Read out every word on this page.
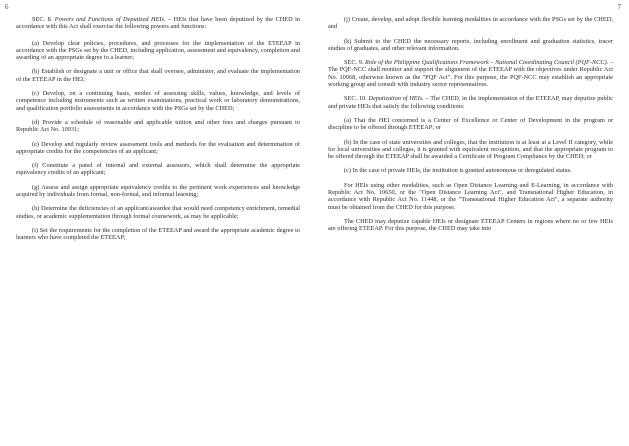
6	7

SEC. 8. Powers and Functions of Deputized HEIs. – HEIs that have been deputized by the CHED in accordance with this Act shall exercise the following powers and functions:

(a) Develop clear policies, procedures, and processes for the implementation of the ETEEAP in accordance with the PSGs set by the CHED, including application, assessment and equivalency, completion and awarding of an appropriate degree to a learner;

(b) Establish or designate a unit or office that shall oversee, administer, and evaluate the implementation of the ETEEAP in the HEI;

(c) Develop, on a continuing basis, modes of assessing skills, values, knowledge, and levels of competence including instruments such as written examinations, practical work or laboratory demonstrations, and qualification portfolio assessments in accordance with the PSGs set by the CHED;

(d) Provide a schedule of reasonable and applicable tuition and other fees and charges pursuant to Republic Act No. 10931;

(e) Develop and regularly review assessment tools and methods for the evaluation and determination of appropriate credits for the competencies of an applicant;

(f) Constitute a panel of internal and external assessors, which shall determine the appropriate equivalency credits of an applicant;

(g) Assess and assign appropriate equivalency credits to the pertinent work experiences and knowledge acquired by individuals from formal, non-formal, and informal learning;

(h) Determine the deficiencies of an applicant/awardee that would need competency enrichment, remedial studies, or academic supplementation through formal coursework, as may be applicable;

(i) Set the requirements for the completion of the ETEEAP and award the appropriate academic degree to learners who have completed the ETEEAP;

(j) Create, develop, and adopt flexible learning modalities in accordance with the PSGs set by the CHED; and

(k) Submit to the CHED the necessary reports, including enrollment and graduation statistics, tracer studies of graduates, and other relevant information.

SEC. 9. Role of the Philippine Qualifications Framework – National Coordinating Council (PQF-NCC). – The PQF-NCC shall monitor and support the alignment of the ETEEAP with the objectives under Republic Act No. 10968, otherwise known as the "PQF Act". For this purpose, the PQF-NCC may establish an appropriate working group and consult with industry sector representatives.

SEC. 10. Deputization of HEIs. – The CHED, in the implementation of the ETEEAP, may deputize public and private HEIs that satisfy the following conditions:

(a) That the HEI concerned is a Center of Excellence or Center of Development in the program or discipline to be offered through ETEEAP; or

(b) In the case of state universities and colleges, that the institution is at least at a Level II category, while for local universities and colleges, it is granted with equivalent recognition, and that the appropriate program to be offered through the ETEEAP shall be awarded a Certificate of Program Compliance by the CHED; or

(c) In the case of private HEIs, the institution is granted autonomous or deregulated status.

For HEIs using other modalities, such as Open Distance Learning and E-Learning, in accordance with Republic Act No. 10650, or the "Open Distance Learning Act", and Transnational Higher Education, in accordance with Republic Act No. 11448, or the "Transnational Higher Education Act", a separate authority must be obtained from the CHED for this purpose.

The CHED may deputize capable HEIs or designate ETEEAP Centers in regions where no or few HEIs are offering ETEEAP. For this purpose, the CHED may take into
